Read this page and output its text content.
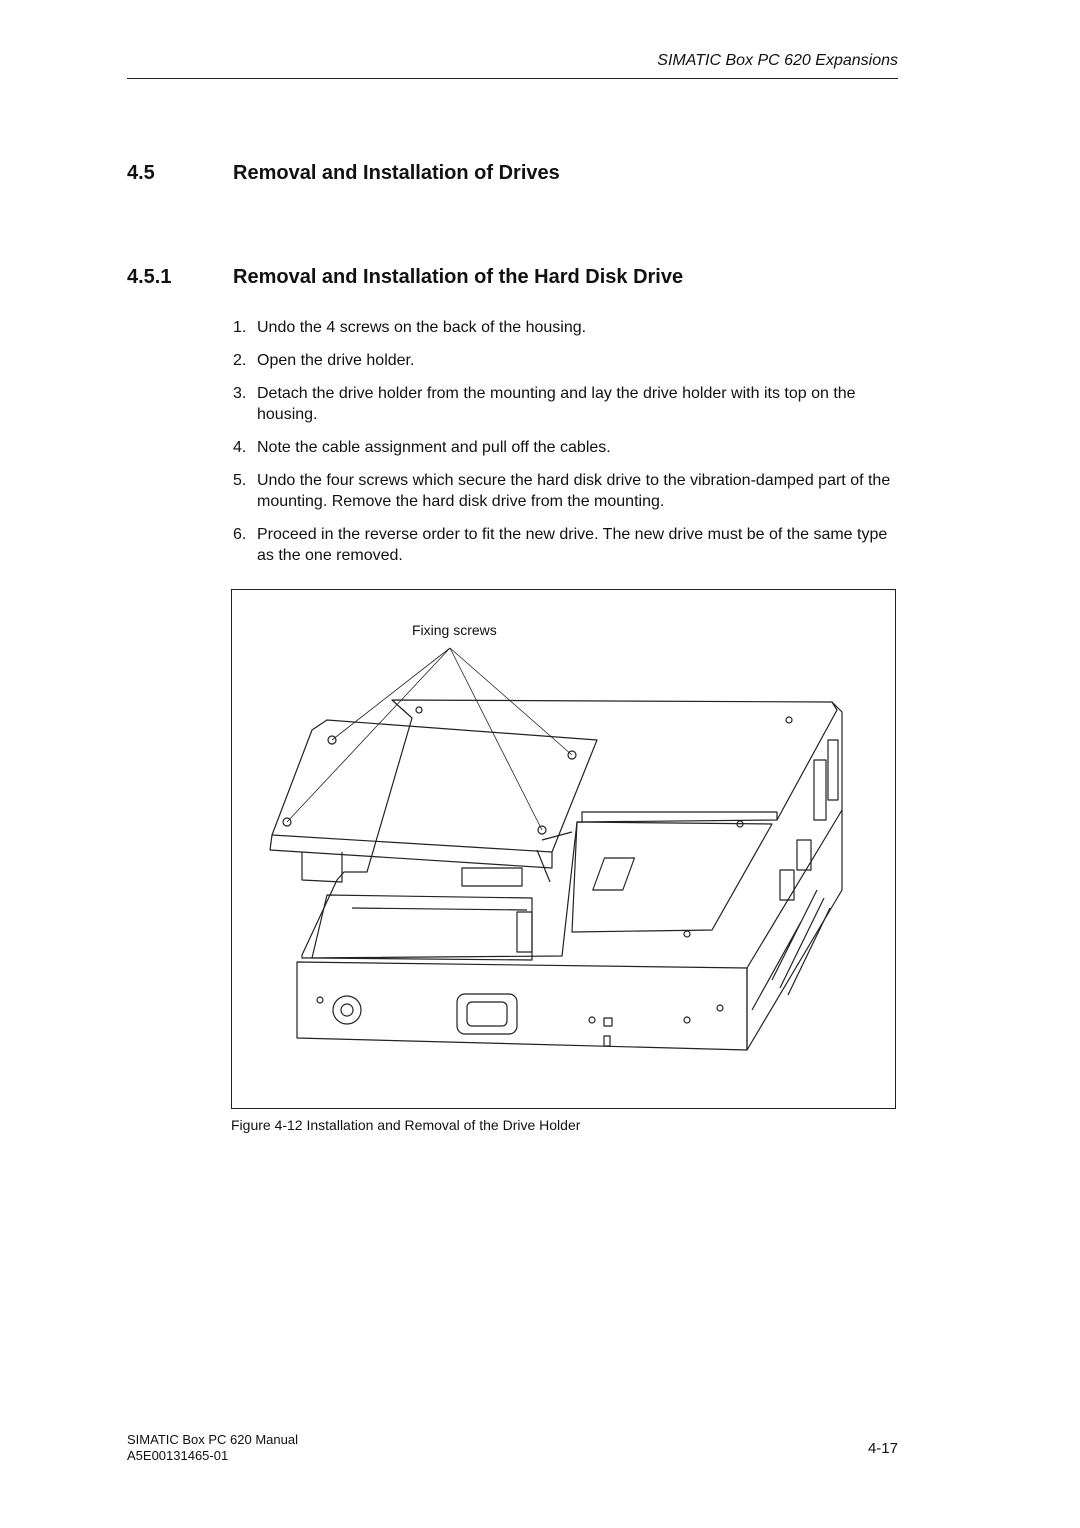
SIMATIC Box PC 620 Expansions
4.5	Removal and Installation of Drives
4.5.1	Removal and Installation of the Hard Disk Drive
1. Undo the 4 screws on the back of the housing.
2. Open the drive holder.
3. Detach the drive holder from the mounting and lay the drive holder with its top on the housing.
4. Note the cable assignment and pull off the cables.
5. Undo the four screws which secure the hard disk drive to the vibration-damped part of the mounting. Remove the hard disk drive from the mounting.
6. Proceed in the reverse order to fit the new drive. The new drive must be of the same type as the one removed.
Fixing screws
Figure 4-12 Installation and Removal of the Drive Holder
SIMATIC Box PC 620 Manual
A5E00131465-01	4-17
